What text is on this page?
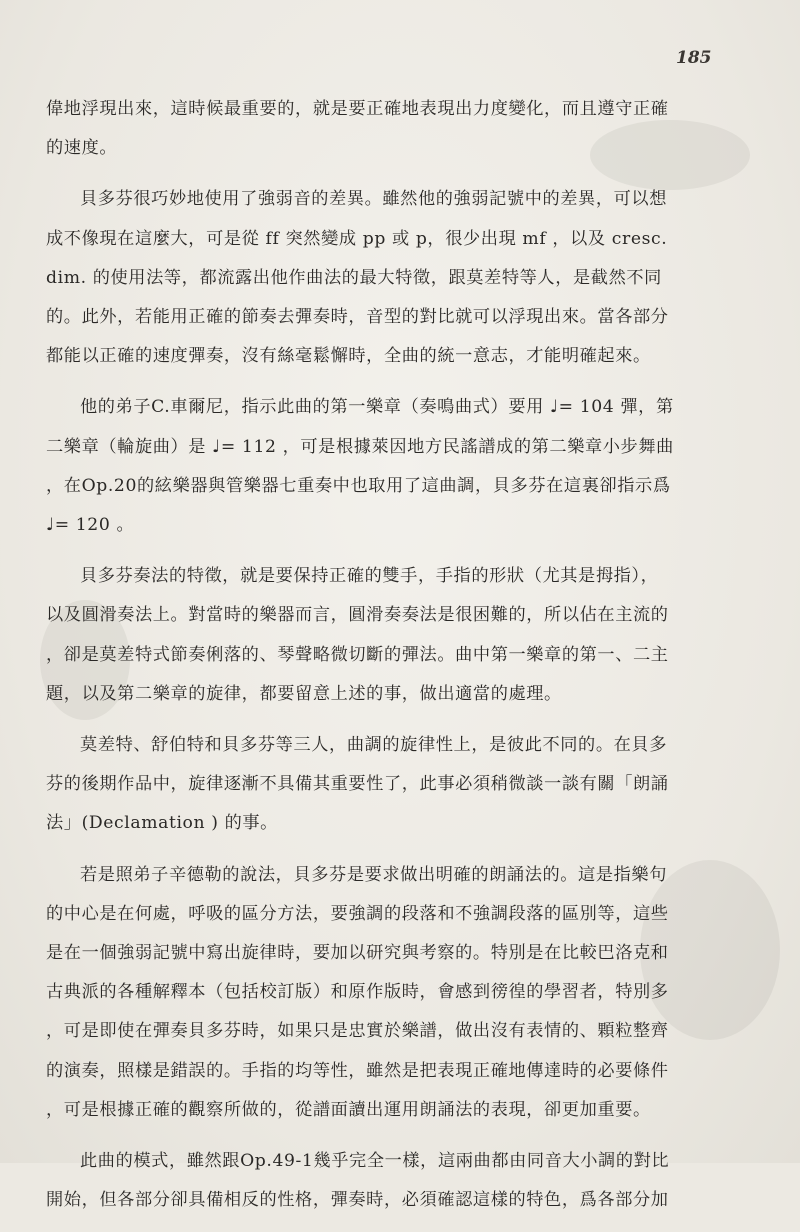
185
偉地浮現出來，這時候最重要的，就是要正確地表現出力度變化，而且遵守正確
的速度。
貝多芬很巧妙地使用了強弱音的差異。雖然他的強弱記號中的差異，可以想
成不像現在這麼大，可是從 ff 突然變成 pp 或 p，很少出現 mf ，以及 cresc.
dim. 的使用法等，都流露出他作曲法的最大特徵，跟莫差特等人，是截然不同
的。此外，若能用正確的節奏去彈奏時，音型的對比就可以浮現出來。當各部分
都能以正確的速度彈奏，沒有絲毫鬆懈時，全曲的統一意志，才能明確起來。
他的弟子C.車爾尼，指示此曲的第一樂章（奏鳴曲式）要用 ♩= 104 彈，第
二樂章（輪旋曲）是 ♩= 112 ，可是根據萊因地方民謠譜成的第二樂章小步舞曲
，在Op.20的絃樂器與管樂器七重奏中也取用了這曲調，貝多芬在這裏卻指示爲
♩= 120 。
貝多芬奏法的特徵，就是要保持正確的雙手，手指的形狀（尤其是拇指），
以及圓滑奏法上。對當時的樂器而言，圓滑奏奏法是很困難的，所以佔在主流的
，卻是莫差特式節奏俐落的、琴聲略微切斷的彈法。曲中第一樂章的第一、二主
題，以及第二樂章的旋律，都要留意上述的事，做出適當的處理。
莫差特、舒伯特和貝多芬等三人，曲調的旋律性上，是彼此不同的。在貝多
芬的後期作品中，旋律逐漸不具備其重要性了，此事必須稍微談一談有關「朗誦
法」(Declamation ) 的事。
若是照弟子辛德勒的說法，貝多芬是要求做出明確的朗誦法的。這是指樂句
的中心是在何處，呼吸的區分方法，要強調的段落和不強調段落的區別等，這些
是在一個強弱記號中寫出旋律時，要加以研究與考察的。特別是在比較巴洛克和
古典派的各種解釋本（包括校訂版）和原作版時，會感到徬徨的學習者，特別多
，可是即使在彈奏貝多芬時，如果只是忠實於樂譜，做出沒有表情的、顆粒整齊
的演奏，照樣是錯誤的。手指的均等性，雖然是把表現正確地傳達時的必要條件
，可是根據正確的觀察所做的，從譜面讀出運用朗誦法的表現，卻更加重要。
此曲的模式，雖然跟Op.49-1幾乎完全一樣，這兩曲都由同音大小調的對比
開始，但各部分卻具備相反的性格，彈奏時，必須確認這樣的特色，爲各部分加
